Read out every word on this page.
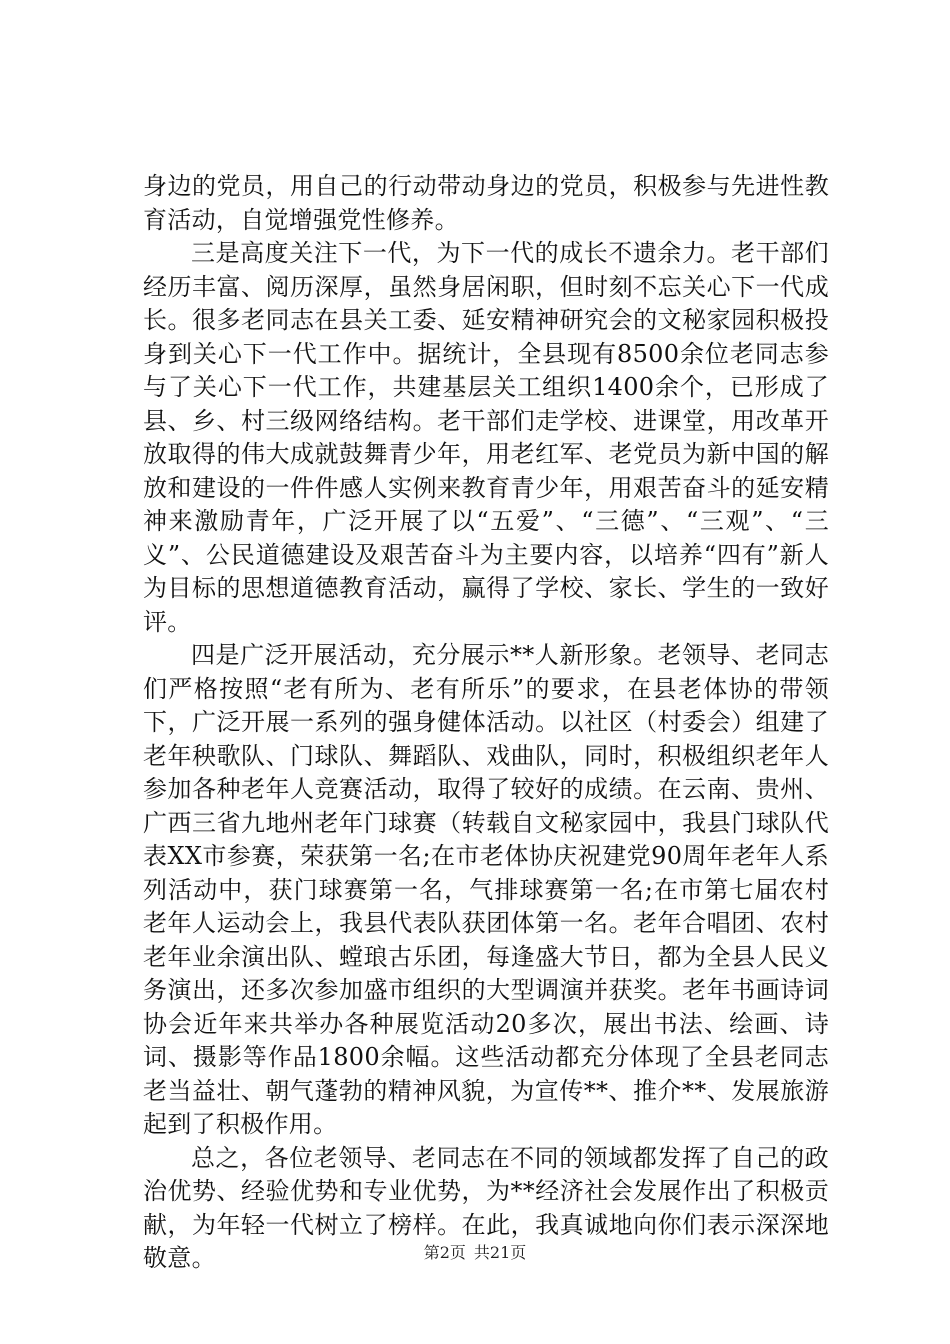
身边的党员，用自己的行动带动身边的党员，积极参与先进性教育活动，自觉增强党性修养。

三是高度关注下一代，为下一代的成长不遗余力。老干部们经历丰富、阅历深厚，虽然身居闲职，但时刻不忘关心下一代成长。很多老同志在县关工委、延安精神研究会的文秘家园积极投身到关心下一代工作中。据统计，全县现有8500余位老同志参与了关心下一代工作，共建基层关工组织1400余个，已形成了县、乡、村三级网络结构。老干部们走学校、进课堂，用改革开放取得的伟大成就鼓舞青少年，用老红军、老党员为新中国的解放和建设的一件件感人实例来教育青少年，用艰苦奋斗的延安精神来激励青年，广泛开展了以“五爱”、“三德”、“三观”、“三义”、公民道德建设及艰苦奋斗为主要内容，以培养“四有”新人为目标的思想道德教育活动，赢得了学校、家长、学生的一致好评。

四是广泛开展活动，充分展示**人新形象。老领导、老同志们严格按照“老有所为、老有所乐”的要求，在县老体协的带领下，广泛开展一系列的强身健体活动。以社区（村委会）组建了老年秧歌队、门球队、舞蹈队、戏曲队，同时，积极组织老年人参加各种老年人竞赛活动，取得了较好的成绩。在云南、贵州、广西三省九地州老年门球赛（转载自文秘家园中，我县门球队代表XX市参赛，荣获第一名;在市老体协庆祝建党90周年老年人系列活动中，获门球赛第一名，气排球赛第一名;在市第七届农村老年人运动会上，我县代表队获团体第一名。老年合唱团、农村老年业余演出队、螳琅古乐团，每逢盛大节日，都为全县人民义务演出，还多次参加盛市组织的大型调演并获奖。老年书画诗词协会近年来共举办各种展览活动20多次，展出书法、绘画、诗词、摄影等作品1800余幅。这些活动都充分体现了全县老同志老当益壮、朝气蓬勃的精神风貌，为宣传**、推介**、发展旅游起到了积极作用。

总之，各位老领导、老同志在不同的领域都发挥了自己的政治优势、经验优势和专业优势，为**经济社会发展作出了积极贡献，为年轻一代树立了榜样。在此，我真诚地向你们表示深深地敬意。	第2页 共21页
